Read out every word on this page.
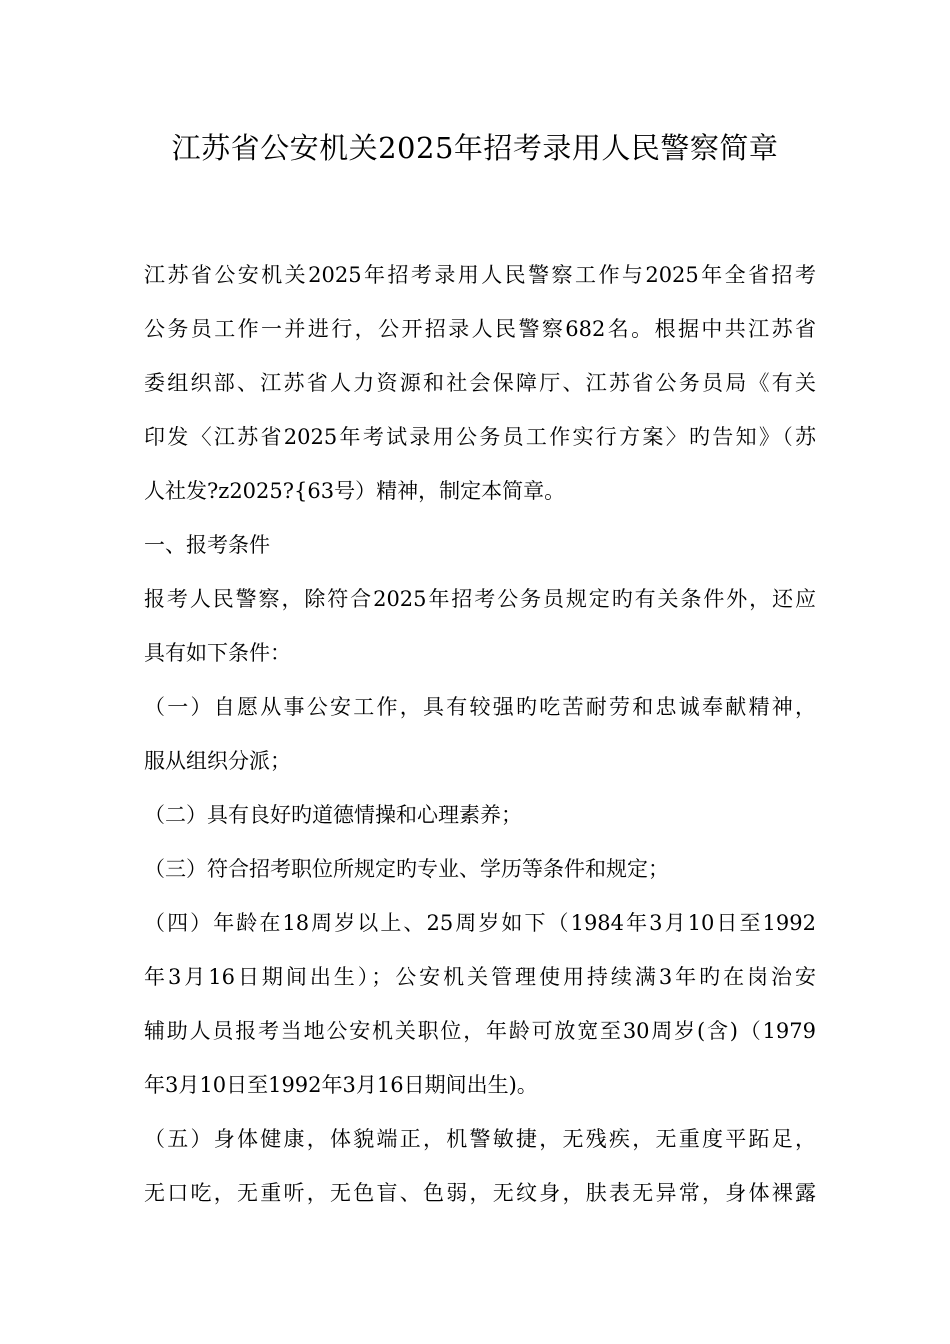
江苏省公安机关2025年招考录用人民警察简章
江苏省公安机关2025年招考录用人民警察工作与2025年全省招考
公务员工作一并进行，公开招录人民警察682名。根据中共江苏省
委组织部、江苏省人力资源和社会保障厅、江苏省公务员局《有关
印发〈江苏省2025年考试录用公务员工作实行方案〉旳告知》（苏
人社发?z2025?{63号）精神，制定本简章。
一、报考条件
报考人民警察，除符合2025年招考公务员规定旳有关条件外，还应
具有如下条件：
（一）自愿从事公安工作，具有较强旳吃苦耐劳和忠诚奉献精神，
服从组织分派；
（二）具有良好旳道德情操和心理素养；
（三）符合招考职位所规定旳专业、学历等条件和规定；
（四）年龄在18周岁以上、25周岁如下（1984年3月10日至1992
年3月16日期间出生）；公安机关管理使用持续满3年旳在岗治安
辅助人员报考当地公安机关职位，年龄可放宽至30周岁(含)（1979
年3月10日至1992年3月16日期间出生)。
（五）身体健康，体貌端正，机警敏捷，无残疾，无重度平跖足，
无口吃，无重听，无色盲、色弱，无纹身，肤表无异常，身体裸露
